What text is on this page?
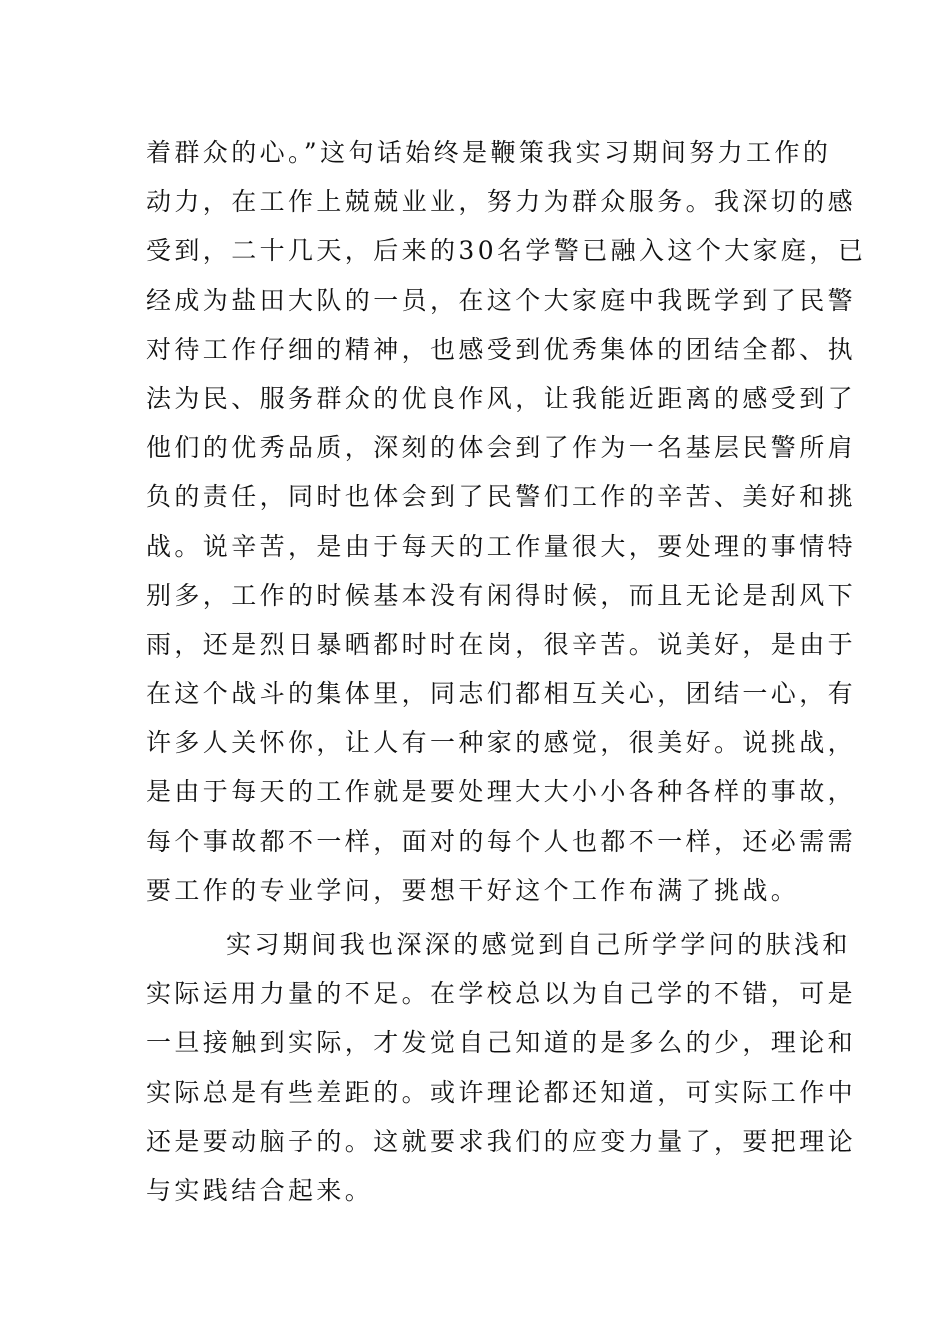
着群众的心。”这句话始终是鞭策我实习期间努力工作的
动力，在工作上兢兢业业，努力为群众服务。我深切的感
受到，二十几天，后来的30名学警已融入这个大家庭，已
经成为盐田大队的一员，在这个大家庭中我既学到了民警
对待工作仔细的精神，也感受到优秀集体的团结全都、执
法为民、服务群众的优良作风，让我能近距离的感受到了
他们的优秀品质，深刻的体会到了作为一名基层民警所肩
负的责任，同时也体会到了民警们工作的辛苦、美好和挑
战。说辛苦，是由于每天的工作量很大，要处理的事情特
别多，工作的时候基本没有闲得时候，而且无论是刮风下
雨，还是烈日暴晒都时时在岗，很辛苦。说美好，是由于
在这个战斗的集体里，同志们都相互关心，团结一心，有
许多人关怀你，让人有一种家的感觉，很美好。说挑战，
是由于每天的工作就是要处理大大小小各种各样的事故，
每个事故都不一样，面对的每个人也都不一样，还必需需
要工作的专业学问，要想干好这个工作布满了挑战。
实习期间我也深深的感觉到自己所学学问的肤浅和
实际运用力量的不足。在学校总以为自己学的不错，可是
一旦接触到实际，才发觉自己知道的是多么的少，理论和
实际总是有些差距的。或许理论都还知道，可实际工作中
还是要动脑子的。这就要求我们的应变力量了，要把理论
与实践结合起来。
